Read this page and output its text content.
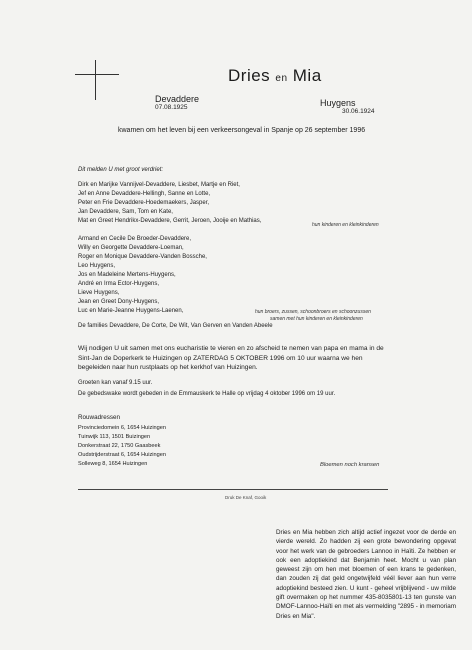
Dries en Mia
Devaddere
07.08.1925	Huygens
30.06.1924
kwamen om het leven bij een verkeersongeval in Spanje op 26 september 1996
Dit melden U met groot verdriet:
Dirk en Marijke Vannijvel-Devaddere, Liesbet, Martje en Riet,
Jef en Anne Devaddere-Hellingh, Sanne en Lotte,
Peter en Frie Devaddere-Hoedemaekers, Jasper,
Jan Devaddere, Sam, Tom en Kate,
Mat en Greet Hendrikx-Devaddere, Gerrit, Jeroen, Jooije en Mathias,
hun kinderen en kleinkinderen
Armand en Cecile De Broeder-Devaddere,
Willy en Georgette Devaddere-Loeman,
Roger en Monique Devaddere-Vanden Bossche,
Leo Huygens,
Jos en Madeleine Mertens-Huygens,
André en Irma Ector-Huygens,
Lieve Huygens,
Jean en Greet Dony-Huygens,
Luc en Marie-Jeanne Huygens-Laenen,	hun broers, zussen, schoonbroers en schoonzussen
samen met hun kinderen en kleinkinderen
De families Devaddere, De Corte, De Wit, Van Gerven en Vanden Abeele
Wij nodigen U uit samen met ons eucharistie te vieren en zo afscheid te nemen van papa en mama in de Sint-Jan de Doperkerk te Huizingen op ZATERDAG 5 OKTOBER 1996 om 10 uur waarna we hen begeleiden naar hun rustplaats op het kerkhof van Huizingen.
Groeten kan vanaf 9.15 uur.
De gebedswake wordt gebeden in de Emmauskerk te Halle op vrijdag 4 oktober 1996 om 19 uur.
Rouwadressen
Provinciedomein 6, 1654 Huizingen
Tuinwijk 113, 1501 Buizingen
Donkerstraat 22, 1750 Gaasbeek
Oudstrijderstraat 6, 1654 Huizingen
Solleweg 8, 1654 Huizingen	Bloemen noch kransen
Druk De Knaf, Gooik
Dries en Mia hebben zich altijd actief ingezet voor de derde en vierde wereld. Zo hadden zij een grote bewondering opgevat voor het werk van de gebroeders Lannoo in Haïti. Ze hebben er ook een adoptiekind dat Benjamin heet. Mocht u van plan geweest zijn om hen met bloemen of een krans te gedenken, dan zouden zij dat geld ongetwijfeld véél liever aan hun verre adoptiekind besteed zien. U kunt - geheel vrijblijvend - uw milde gift overmaken op het nummer 435-8035801-13 ten gunste van DMOF-Lannoo-Haïti en met als vermelding "2895 - in memoriam Dries en Mia".
